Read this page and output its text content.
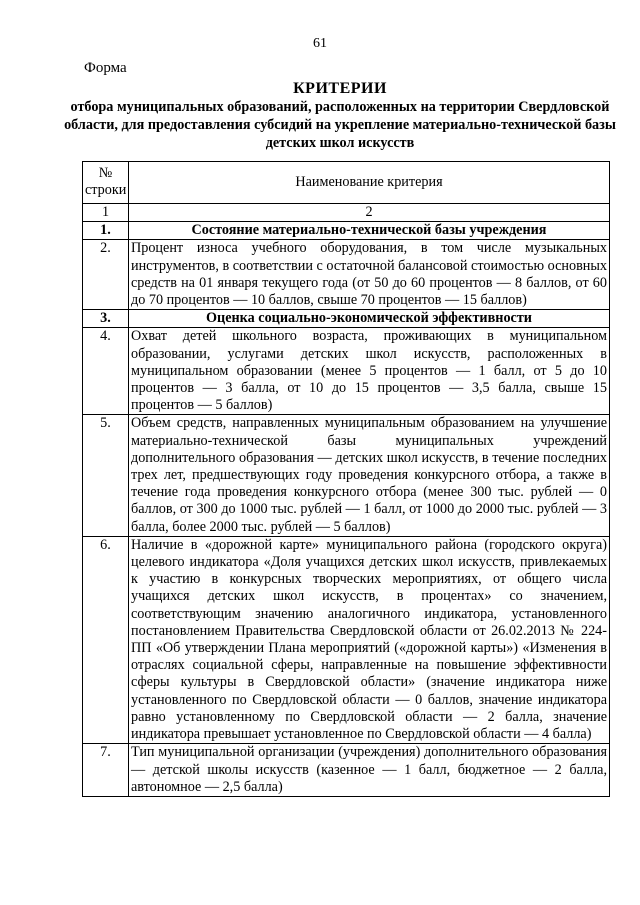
61
Форма
КРИТЕРИИ
отбора муниципальных образований, расположенных на территории Свердловской области, для предоставления субсидий на укрепление материально-технической базы детских школ искусств
№ строки	Наименование критерия
1	2
1.	Состояние материально-технической базы учреждения
2.	Процент износа учебного оборудования, в том числе музыкальных инструментов, в соответствии с остаточной балансовой стоимостью основных средств на 01 января текущего года (от 50 до 60 процентов — 8 баллов, от 60 до 70 процентов — 10 баллов, свыше 70 процентов — 15 баллов)
3.	Оценка социально-экономической эффективности
4.	Охват детей школьного возраста, проживающих в муниципальном образовании, услугами детских школ искусств, расположенных в муниципальном образовании (менее 5 процентов — 1 балл, от 5 до 10 процентов — 3 балла, от 10 до 15 процентов — 3,5 балла, свыше 15 процентов — 5 баллов)
5.	Объем средств, направленных муниципальным образованием на улучшение материально-технической базы муниципальных учреждений дополнительного образования — детских школ искусств, в течение последних трех лет, предшествующих году проведения конкурсного отбора, а также в течение года проведения конкурсного отбора (менее 300 тыс. рублей — 0 баллов, от 300 до 1000 тыс. рублей — 1 балл, от 1000 до 2000 тыс. рублей — 3 балла, более 2000 тыс. рублей — 5 баллов)
6.	Наличие в «дорожной карте» муниципального района (городского округа) целевого индикатора «Доля учащихся детских школ искусств, привлекаемых к участию в конкурсных творческих мероприятиях, от общего числа учащихся детских школ искусств, в процентах» со значением, соответствующим значению аналогичного индикатора, установленного постановлением Правительства Свердловской области от 26.02.2013 № 224-ПП «Об утверждении Плана мероприятий («дорожной карты») «Изменения в отраслях социальной сферы, направленные на повышение эффективности сферы культуры в Свердловской области» (значение индикатора ниже установленного по Свердловской области — 0 баллов, значение индикатора равно установленному по Свердловской области — 2 балла, значение индикатора превышает установленное по Свердловской области — 4 балла)
7.	Тип муниципальной организации (учреждения) дополнительного образования — детской школы искусств (казенное — 1 балл, бюджетное — 2 балла, автономное — 2,5 балла)
